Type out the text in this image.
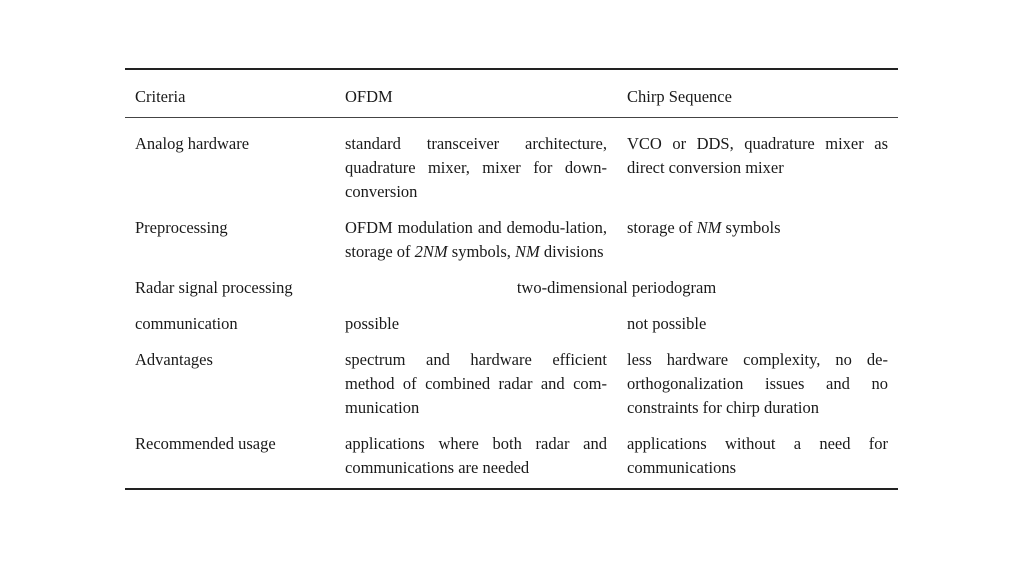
Criteria	OFDM	Chirp Sequence

Analog hardware	standard transceiver architecture, quadrature mixer, mixer for down-conversion	VCO or DDS, quadrature mixer as direct conversion mixer
Preprocessing	OFDM modulation and demodu-lation, storage of 2NM symbols, NM divisions	storage of NM symbols
Radar signal processing	two-dimensional periodogram	
communication	possible	not possible
Advantages	spectrum and hardware efficient method of combined radar and com-munication	less hardware complexity, no de-orthogonalization issues and no constraints for chirp duration
Recommended usage	applications where both radar and communications are needed	applications without a need for communications
